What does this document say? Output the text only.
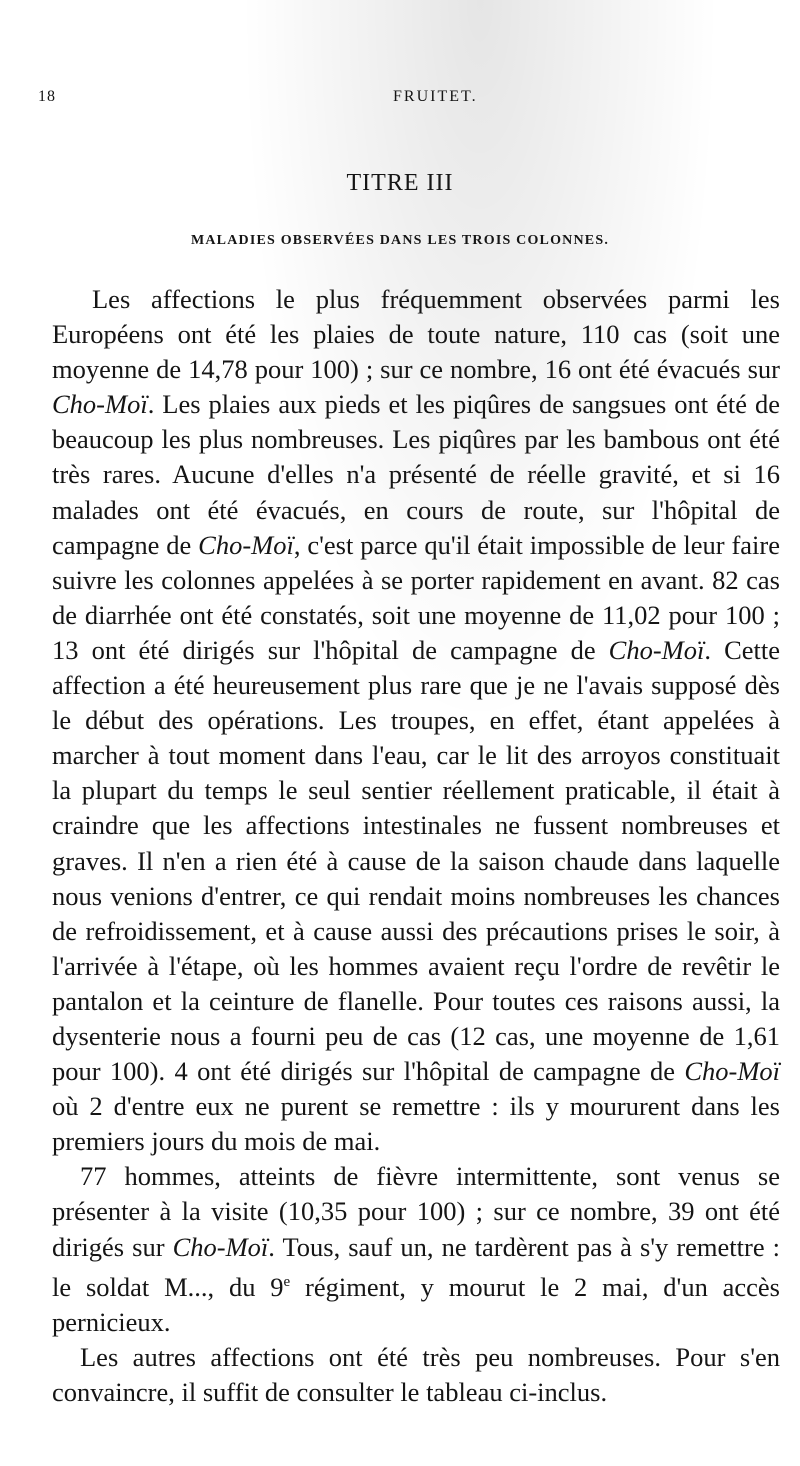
18	FRUITET.
TITRE III
MALADIES OBSERVÉES DANS LES TROIS COLONNES.

Les affections le plus fréquemment observées parmi les Européens ont été les plaies de toute nature, 110 cas (soit une moyenne de 14,78 pour 100) ; sur ce nombre, 16 ont été évacués sur Cho-Moï. Les plaies aux pieds et les piqûres de sangsues ont été de beaucoup les plus nombreuses. Les piqûres par les bambous ont été très rares. Aucune d'elles n'a présenté de réelle gravité, et si 16 malades ont été évacués, en cours de route, sur l'hôpital de campagne de Cho-Moï, c'est parce qu'il était impossible de leur faire suivre les colonnes appelées à se porter rapidement en avant. 82 cas de diarrhée ont été constatés, soit une moyenne de 11,02 pour 100 ; 13 ont été dirigés sur l'hôpital de campagne de Cho-Moï. Cette affection a été heureusement plus rare que je ne l'avais supposé dès le début des opérations. Les troupes, en effet, étant appelées à marcher à tout moment dans l'eau, car le lit des arroyos constituait la plupart du temps le seul sentier réellement praticable, il était à craindre que les affections intestinales ne fussent nombreuses et graves. Il n'en a rien été à cause de la saison chaude dans laquelle nous venions d'entrer, ce qui rendait moins nombreuses les chances de refroidissement, et à cause aussi des précautions prises le soir, à l'arrivée à l'étape, où les hommes avaient reçu l'ordre de revêtir le pantalon et la ceinture de flanelle. Pour toutes ces raisons aussi, la dysenterie nous a fourni peu de cas (12 cas, une moyenne de 1,61 pour 100). 4 ont été dirigés sur l'hôpital de campagne de Cho-Moï où 2 d'entre eux ne purent se remettre : ils y moururent dans les premiers jours du mois de mai.

77 hommes, atteints de fièvre intermittente, sont venus se présenter à la visite (10,35 pour 100) ; sur ce nombre, 39 ont été dirigés sur Cho-Moï. Tous, sauf un, ne tardèrent pas à s'y remettre : le soldat M..., du 9e régiment, y mourut le 2 mai, d'un accès pernicieux.

Les autres affections ont été très peu nombreuses. Pour s'en convaincre, il suffit de consulter le tableau ci-inclus.
